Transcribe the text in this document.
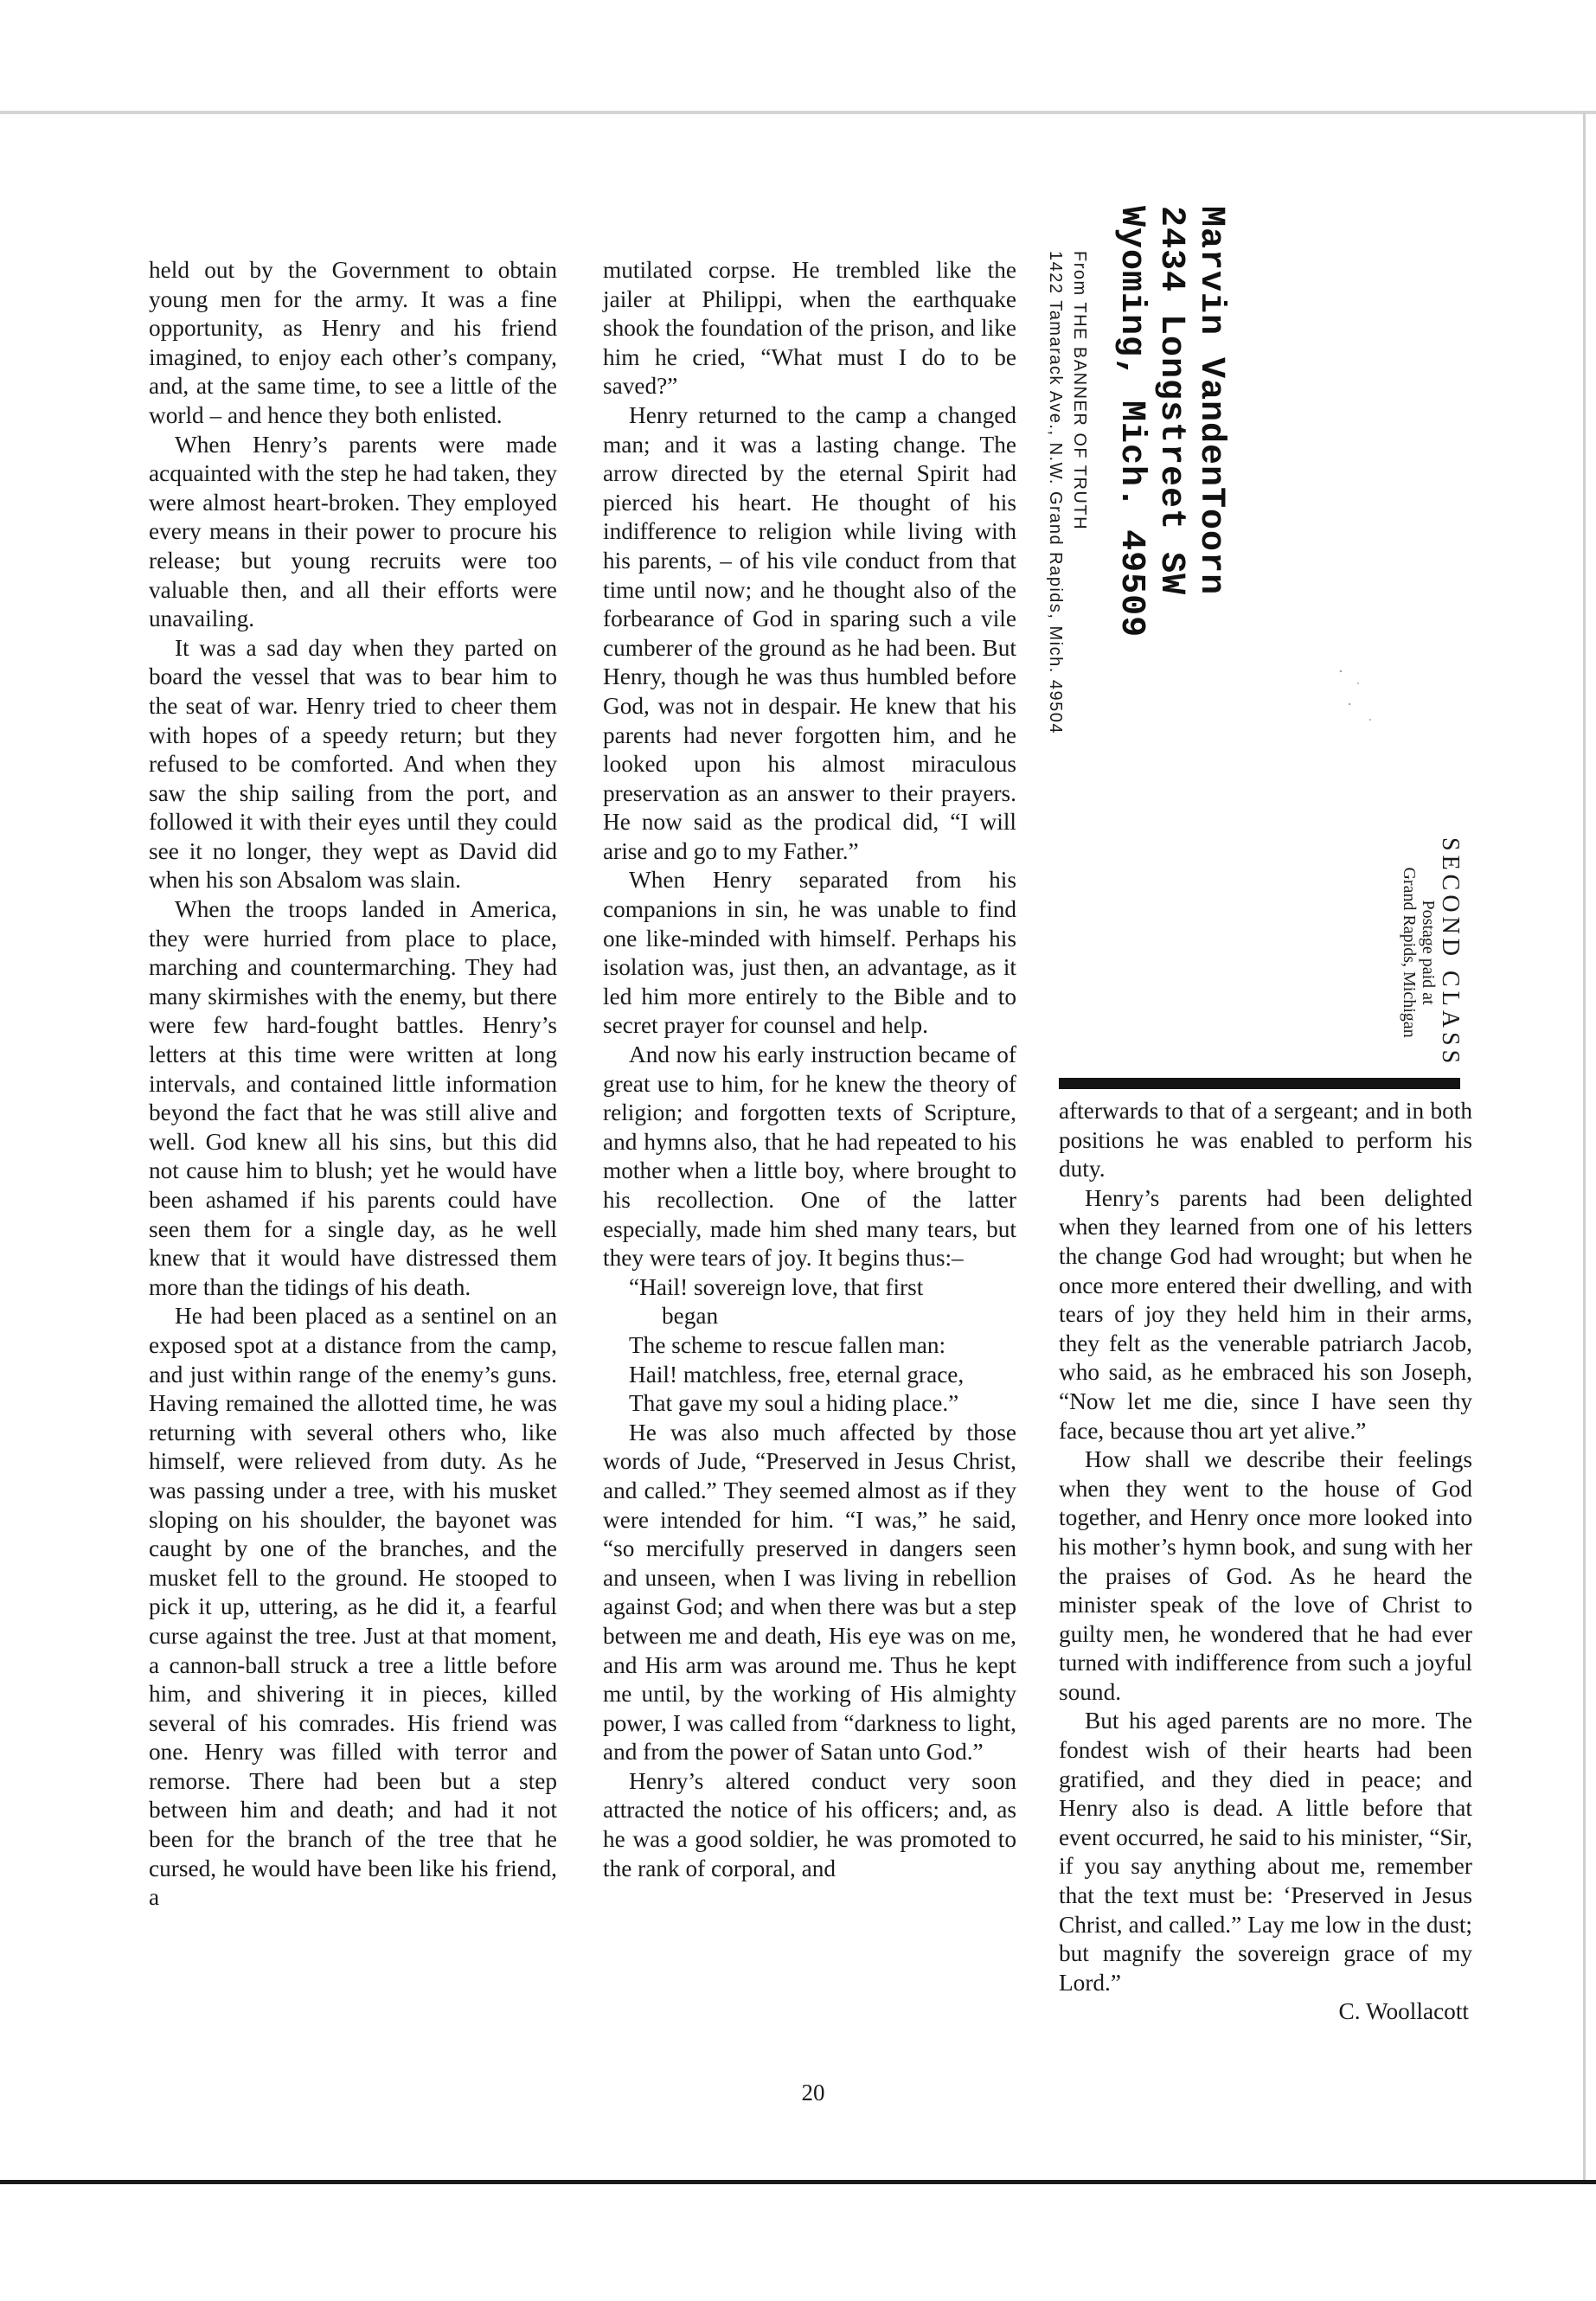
Marvin VandenToorn
2434 Longstreet SW
Wyoming, Mich.49509
From THE BANNER OF TRUTH
1422 Tamarack Ave., N.W. Grand Rapids, Mich. 49504
SECOND CLASS
Postage paid at
Grand Rapids, Michigan

held out by the Government to obtain young men for the army. It was a fine opportunity, as Henry and his friend imagined, to enjoy each other’s company, and, at the same time, to see a little of the world – and hence they both enlisted.

When Henry’s parents were made acquainted with the step he had taken, they were almost heart-broken. They employed every means in their power to procure his release; but young recruits were too valuable then, and all their efforts were unavailing.

It was a sad day when they parted on board the vessel that was to bear him to the seat of war. Henry tried to cheer them with hopes of a speedy return; but they refused to be comforted. And when they saw the ship sailing from the port, and followed it with their eyes until they could see it no longer, they wept as David did when his son Absalom was slain.

When the troops landed in America, they were hurried from place to place, marching and countermarching. They had many skirmishes with the enemy, but there were few hard-fought battles. Henry’s letters at this time were written at long intervals, and contained little information beyond the fact that he was still alive and well. God knew all his sins, but this did not cause him to blush; yet he would have been ashamed if his parents could have seen them for a single day, as he well knew that it would have distressed them more than the tidings of his death.

He had been placed as a sentinel on an exposed spot at a distance from the camp, and just within range of the enemy’s guns. Having remained the allotted time, he was returning with several others who, like himself, were relieved from duty. As he was passing under a tree, with his musket sloping on his shoulder, the bayonet was caught by one of the branches, and the musket fell to the ground. He stooped to pick it up, uttering, as he did it, a fearful curse against the tree. Just at that moment, a cannon-ball struck a tree a little before him, and shivering it in pieces, killed several of his comrades. His friend was one. Henry was filled with terror and remorse. There had been but a step between him and death; and had it not been for the branch of the tree that he cursed, he would have been like his friend, a

mutilated corpse. He trembled like the jailer at Philippi, when the earthquake shook the foundation of the prison, and like him he cried, “What must I do to be saved?”

Henry returned to the camp a changed man; and it was a lasting change. The arrow directed by the eternal Spirit had pierced his heart. He thought of his indifference to religion while living with his parents, – of his vile conduct from that time until now; and he thought also of the forbearance of God in sparing such a vile cumberer of the ground as he had been. But Henry, though he was thus humbled before God, was not in despair. He knew that his parents had never forgotten him, and he looked upon his almost miraculous preservation as an answer to their prayers. He now said as the prodical did, “I will arise and go to my Father.”

When Henry separated from his companions in sin, he was unable to find one like-minded with himself. Perhaps his isolation was, just then, an advantage, as it led him more entirely to the Bible and to secret prayer for counsel and help.

And now his early instruction became of great use to him, for he knew the theory of religion; and forgotten texts of Scripture, and hymns also, that he had repeated to his mother when a little boy, where brought to his recollection. One of the latter especially, made him shed many tears, but they were tears of joy. It begins thus:–

“Hail! sovereign love, that first
began
The scheme to rescue fallen man:
Hail! matchless, free, eternal grace,
That gave my soul a hiding place.”

He was also much affected by those words of Jude, “Preserved in Jesus Christ, and called.” They seemed almost as if they were intended for him. “I was,” he said, “so mercifully preserved in dangers seen and unseen, when I was living in rebellion against God; and when there was but a step between me and death, His eye was on me, and His arm was around me. Thus he kept me until, by the working of His almighty power, I was called from “darkness to light, and from the power of Satan unto God.”

Henry’s altered conduct very soon attracted the notice of his officers; and, as he was a good soldier, he was promoted to the rank of corporal, and

afterwards to that of a sergeant; and in both positions he was enabled to perform his duty.

Henry’s parents had been delighted when they learned from one of his letters the change God had wrought; but when he once more entered their dwelling, and with tears of joy they held him in their arms, they felt as the venerable patriarch Jacob, who said, as he embraced his son Joseph, “Now let me die, since I have seen thy face, because thou art yet alive.”

How shall we describe their feelings when they went to the house of God together, and Henry once more looked into his mother’s hymn book, and sung with her the praises of God. As he heard the minister speak of the love of Christ to guilty men, he wondered that he had ever turned with indifference from such a joyful sound.

But his aged parents are no more. The fondest wish of their hearts had been gratified, and they died in peace; and Henry also is dead. A little before that event occurred, he said to his minister, “Sir, if you say anything about me, remember that the text must be: ‘Preserved in Jesus Christ, and called.” Lay me low in the dust; but magnify the sovereign grace of my Lord.”

C. Woollacott

20
